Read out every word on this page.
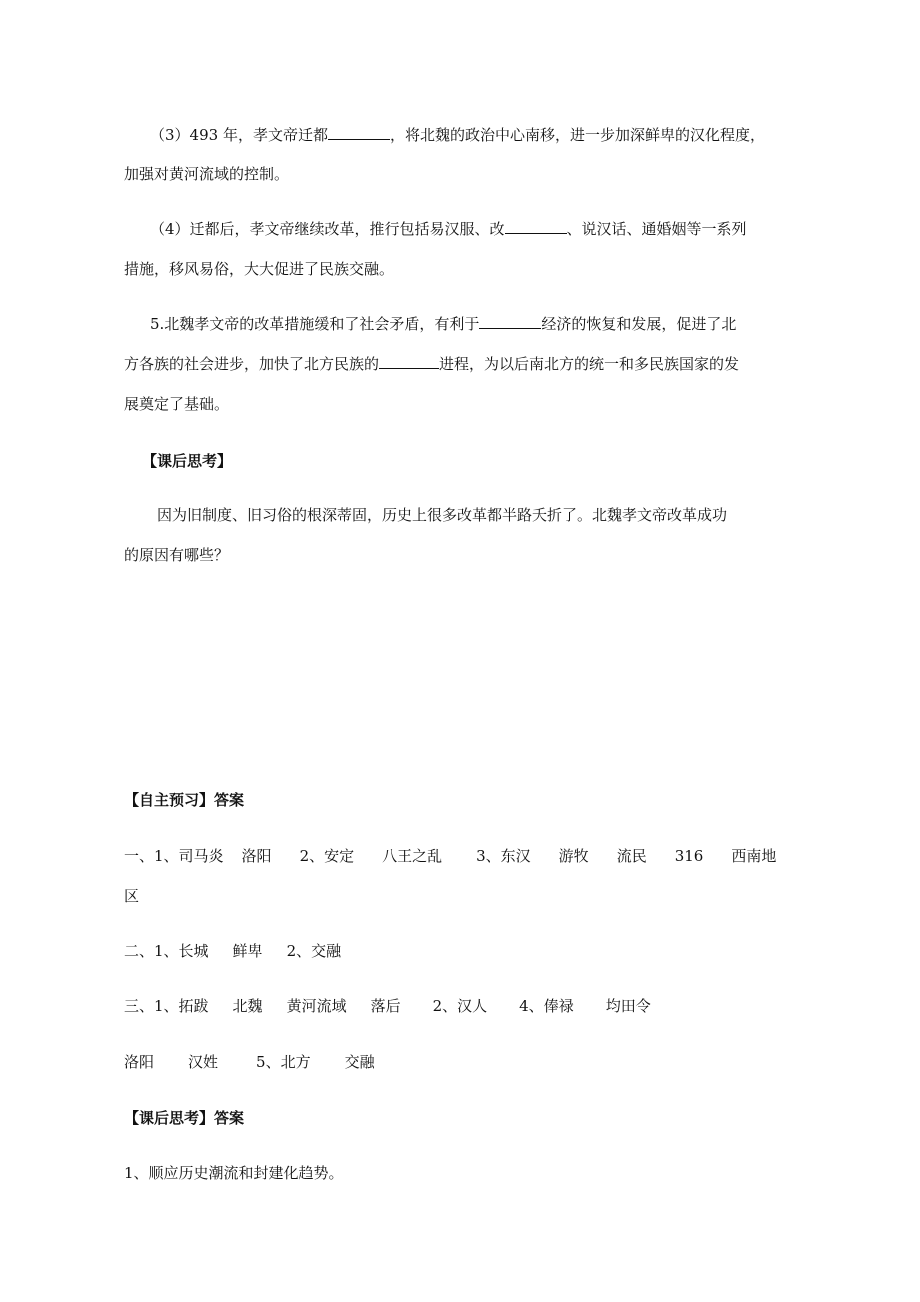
（3）493 年，孝文帝迁都	，将北魏的政治中心南移，进一步加深鲜卑的汉化程度，
加强对黄河流域的控制。
（4）迁都后，孝文帝继续改革，推行包括易汉服、改	、说汉话、通婚姻等一系列
措施，移风易俗，大大促进了民族交融。
5.北魏孝文帝的改革措施缓和了社会矛盾，有利于	经济的恢复和发展，促进了北
方各族的社会进步，加快了北方民族的	进程，为以后南北方的统一和多民族国家的发
展奠定了基础。
【课后思考】
因为旧制度、旧习俗的根深蒂固，历史上很多改革都半路夭折了。北魏孝文帝改革成功
的原因有哪些？
【自主预习】答案
一、1、司马炎 洛阳 2、安定 八王之乱 3、东汉 游牧 流民 316 西南地
区
二、1、长城 鲜卑 2、交融
三、1、拓跋 北魏 黄河流域 落后 2、汉人 4、俸禄 均田令
洛阳 汉姓	5、北方 交融
【课后思考】答案
1、顺应历史潮流和封建化趋势。
